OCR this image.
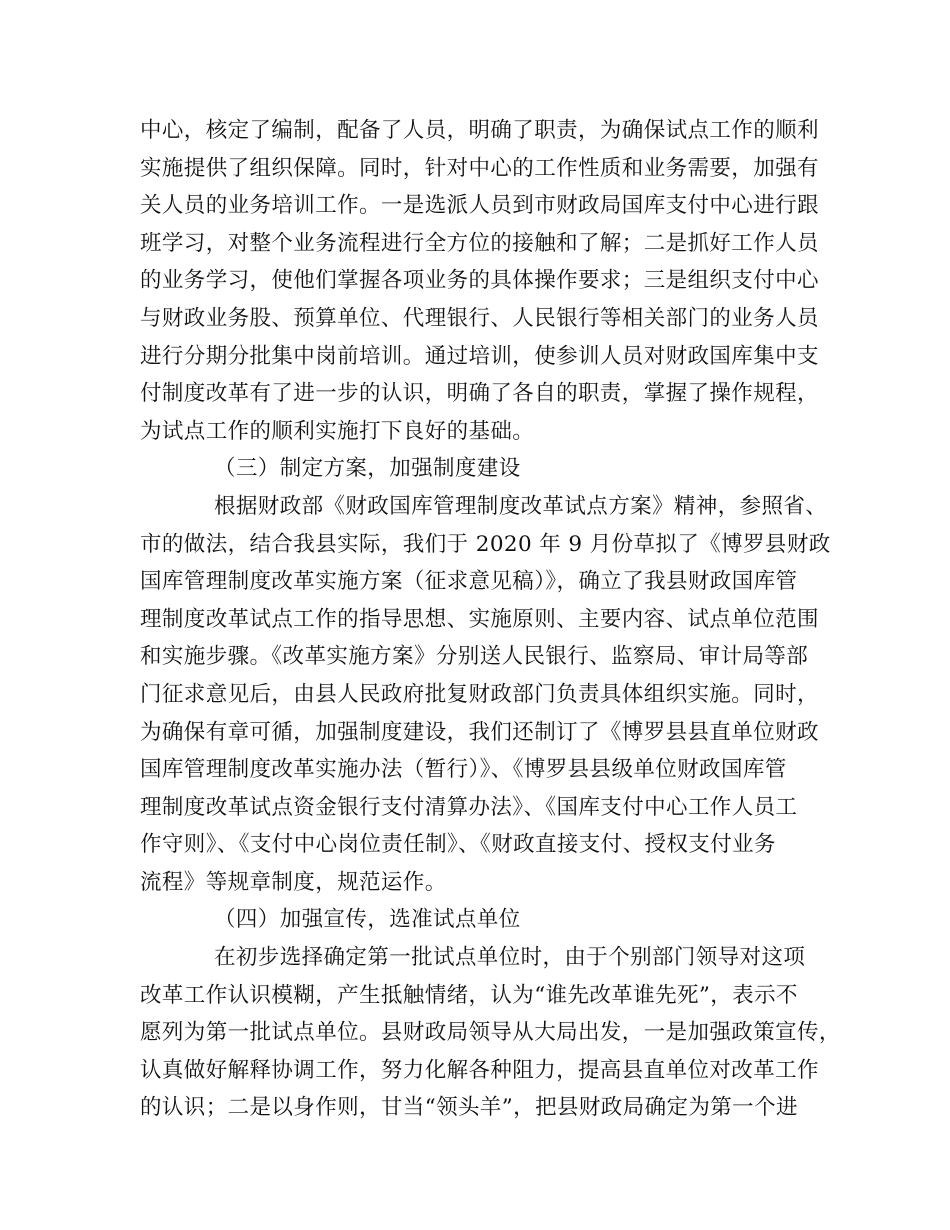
中心，核定了编制，配备了人员，明确了职责，为确保试点工作的顺利
实施提供了组织保障。同时，针对中心的工作性质和业务需要，加强有
关人员的业务培训工作。一是选派人员到市财政局国库支付中心进行跟
班学习，对整个业务流程进行全方位的接触和了解；二是抓好工作人员
的业务学习，使他们掌握各项业务的具体操作要求；三是组织支付中心
与财政业务股、预算单位、代理银行、人民银行等相关部门的业务人员
进行分期分批集中岗前培训。通过培训，使参训人员对财政国库集中支
付制度改革有了进一步的认识，明确了各自的职责，掌握了操作规程，
为试点工作的顺利实施打下良好的基础。
（三）制定方案，加强制度建设
根据财政部《财政国库管理制度改革试点方案》精神，参照省、
市的做法，结合我县实际，我们于 2020 年 9 月份草拟了《博罗县财政
国库管理制度改革实施方案（征求意见稿）》，确立了我县财政国库管
理制度改革试点工作的指导思想、实施原则、主要内容、试点单位范围
和实施步骤。《改革实施方案》分别送人民银行、监察局、审计局等部
门征求意见后，由县人民政府批复财政部门负责具体组织实施。同时，
为确保有章可循，加强制度建设，我们还制订了《博罗县县直单位财政
国库管理制度改革实施办法（暂行）》、《博罗县县级单位财政国库管
理制度改革试点资金银行支付清算办法》、《国库支付中心工作人员工
作守则》、《支付中心岗位责任制》、《财政直接支付、授权支付业务
流程》等规章制度，规范运作。
（四）加强宣传，选准试点单位
在初步选择确定第一批试点单位时，由于个别部门领导对这项
改革工作认识模糊，产生抵触情绪，认为“谁先改革谁先死”，表示不
愿列为第一批试点单位。县财政局领导从大局出发，一是加强政策宣传，
认真做好解释协调工作，努力化解各种阻力，提高县直单位对改革工作
的认识；二是以身作则，甘当“领头羊”，把县财政局确定为第一个进
